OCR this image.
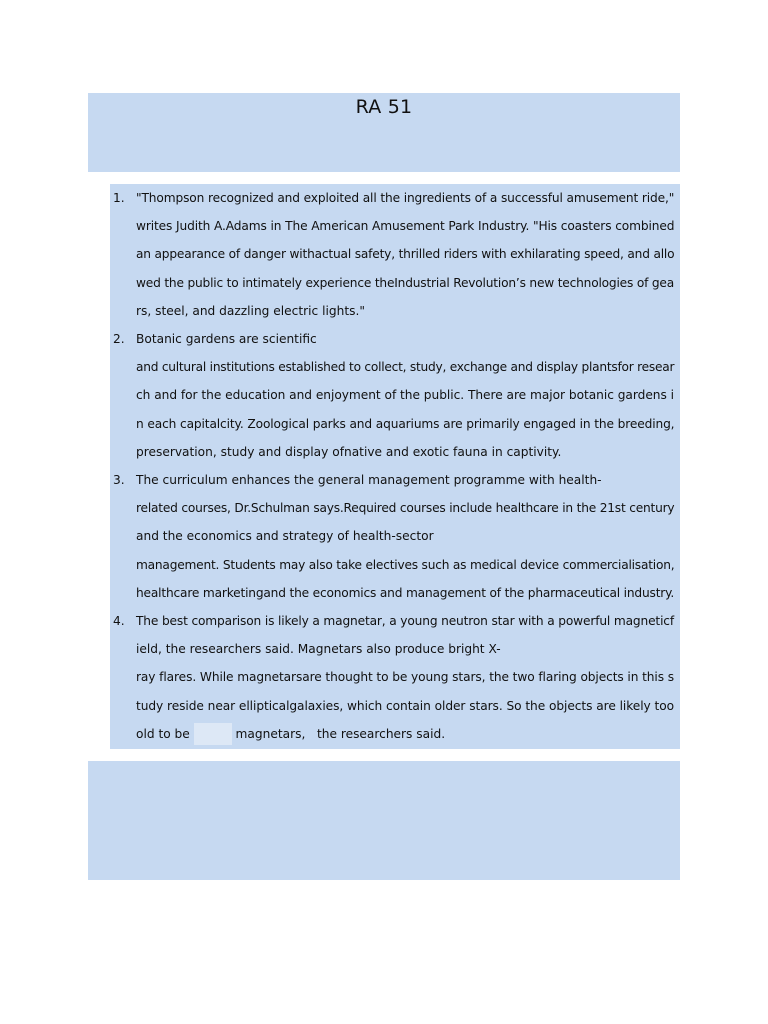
RA 51
1. "Thompson recognized and exploited all the ingredients of a successful amusement ride,"
writes Judith A.Adams in The American Amusement Park Industry. "His coasters combined
an appearance of danger withactual safety, thrilled riders with exhilarating speed, and allo
wed the public to intimately experience theIndustrial Revolution’s new technologies of gea
rs, steel, and dazzling electric lights."
2. Botanic gardens are scientific
and cultural institutions established to collect, study, exchange and display plantsfor resear
ch and for the education and enjoyment of the public. There are major botanic gardens i
n each capitalcity. Zoological parks and aquariums are primarily engaged in the breeding,
preservation, study and display ofnative and exotic fauna in captivity.
3. The curriculum enhances the general management programme with health-
related courses, Dr.Schulman says.Required courses include healthcare in the 21st century
and the economics and strategy of health-sector
management. Students may also take electives such as medical device commercialisation,
healthcare marketingand the economics and management of the pharmaceutical industry.
4. The best comparison is likely a magnetar, a young neutron star with a powerful magneticf
ield, the researchers said. Magnetars also produce bright X-
ray flares. While magnetarsare thought to be young stars, the two flaring objects in this s
tudy reside near ellipticalgalaxies, which contain older stars. So the objects are likely too
old to be	magnetars, the researchers said.
